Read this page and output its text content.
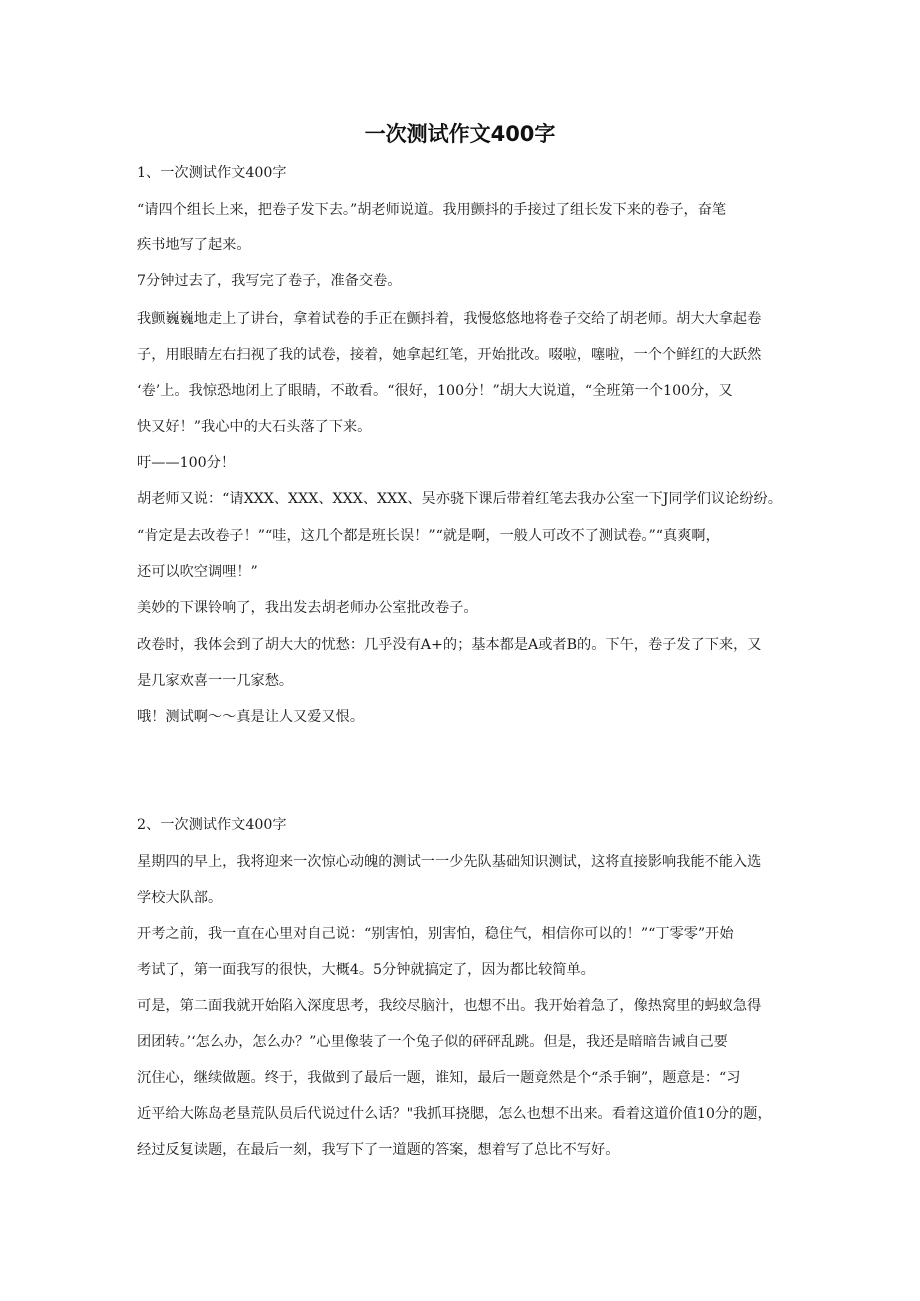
一次测试作文400字

1、一次测试作文400字

“请四个组长上来，把卷子发下去。”胡老师说道。我用颤抖的手接过了组长发下来的卷子，奋笔

疾书地写了起来。

7分钟过去了，我写完了卷子，准备交卷。

我颤巍巍地走上了讲台，拿着试卷的手正在颤抖着，我慢悠悠地将卷子交给了胡老师。胡大大拿起卷

子，用眼睛左右扫视了我的试卷，接着，她拿起红笔，开始批改。啜啦，噻啦，一个个鲜红的大跃然

‘卷’上。我惊恐地闭上了眼睛，不敢看。“很好，100分！”胡大大说道，“全班第一个100分，又

快又好！”我心中的大石头落了下来。

吁——100分！

胡老师又说：“请XXX、XXX、XXX、XXX、吴亦骁下课后带着红笔去我办公室一下J同学们议论纷纷。

“肯定是去改卷子！”“哇，这几个都是班长误！”“就是啊，一般人可改不了测试卷。”“真爽啊，

还可以吹空调哩！”

美妙的下课铃响了，我出发去胡老师办公室批改卷子。

改卷时，我体会到了胡大大的忧愁：几乎没有A+的；基本都是A或者B的。下午，卷子发了下来，又

是几家欢喜一一几家愁。

哦！测试啊～～真是让人又爱又恨。

2、一次测试作文400字

星期四的早上，我将迎来一次惊心动魄的测试一一少先队基础知识测试，这将直接影响我能不能入选

学校大队部。

开考之前，我一直在心里对自己说：“别害怕，别害怕，稳住气，相信你可以的！”“丁零零”开始

考试了，第一面我写的很快，大概4。5分钟就搞定了，因为都比较简单。

可是，第二面我就开始陷入深度思考，我绞尽脑汁，也想不出。我开始着急了，像热窝里的蚂蚁急得

团团转。’‘怎么办，怎么办？”心里像装了一个兔子似的砰砰乱跳。但是，我还是暗暗告诫自己要

沉住心，继续做题。终于，我做到了最后一题，谁知，最后一题竟然是个“杀手锏”，题意是：“习

近平给大陈岛老垦荒队员后代说过什么话？"我抓耳挠腮，怎么也想不出来。看着这道价值10分的题，

经过反复读题，在最后一刻，我写下了一道题的答案，想着写了总比不写好。
